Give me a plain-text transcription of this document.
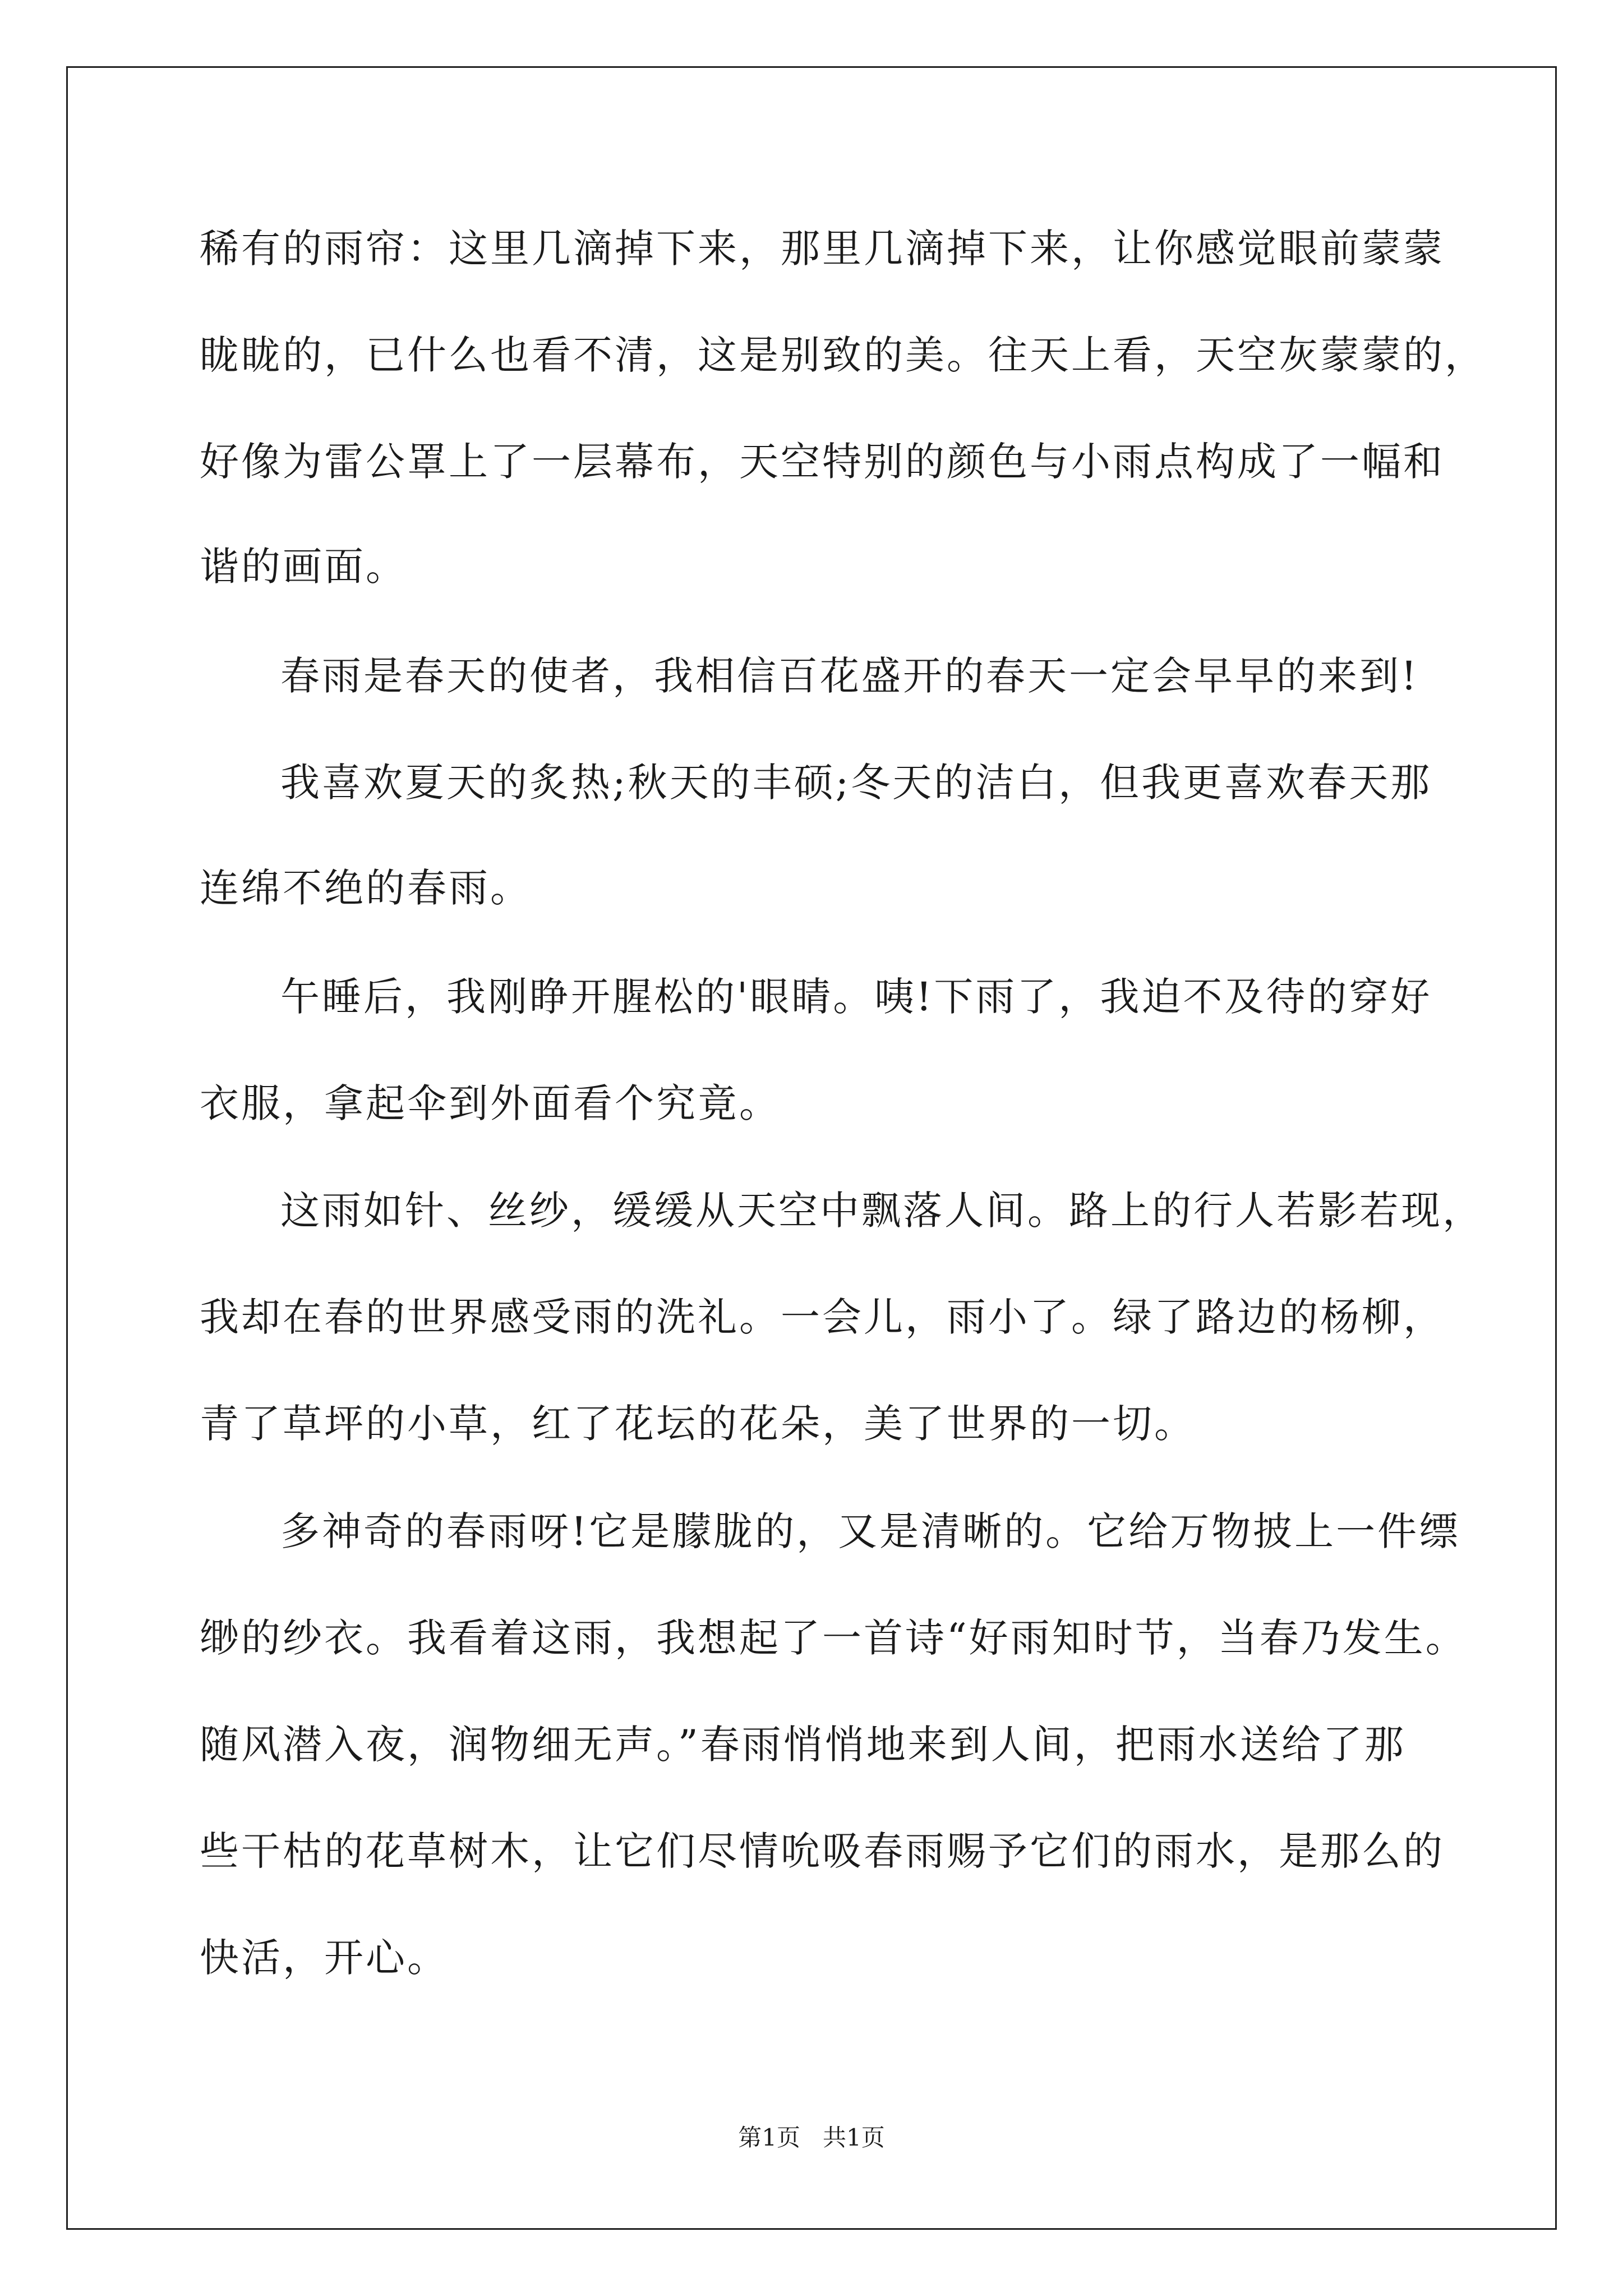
稀有的雨帘：这里几滴掉下来，那里几滴掉下来，让你感觉眼前蒙蒙
眬眬的，已什么也看不清，这是别致的美。往天上看，天空灰蒙蒙的，
好像为雷公罩上了一层幕布，天空特别的颜色与小雨点构成了一幅和
谐的画面。
春雨是春天的使者，我相信百花盛开的春天一定会早早的来到!
我喜欢夏天的炙热;秋天的丰硕;冬天的洁白，但我更喜欢春天那
连绵不绝的春雨。
午睡后，我刚睁开腥松的'眼睛。咦!下雨了，我迫不及待的穿好
衣服，拿起伞到外面看个究竟。
这雨如针、丝纱，缓缓从天空中飘落人间。路上的行人若影若现，
我却在春的世界感受雨的洗礼。一会儿，雨小了。绿了路边的杨柳，
青了草坪的小草，红了花坛的花朵，美了世界的一切。
多神奇的春雨呀!它是朦胧的，又是清晰的。它给万物披上一件缥
缈的纱衣。我看着这雨，我想起了一首诗“好雨知时节，当春乃发生。
随风潜入夜，润物细无声。”春雨悄悄地来到人间，把雨水送给了那
些干枯的花草树木，让它们尽情吮吸春雨赐予它们的雨水，是那么的
快活，开心。
第1页   共1页
